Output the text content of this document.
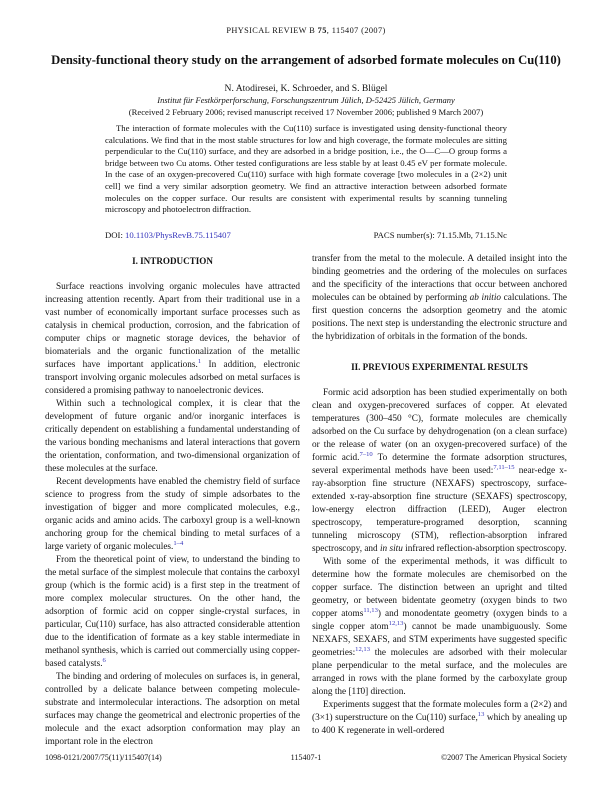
PHYSICAL REVIEW B 75, 115407 (2007)
Density-functional theory study on the arrangement of adsorbed formate molecules on Cu(110)
N. Atodiresei, K. Schroeder, and S. Blügel
Institut für Festkörperforschung, Forschungszentrum Jülich, D-52425 Jülich, Germany
(Received 2 February 2006; revised manuscript received 17 November 2006; published 9 March 2007)
The interaction of formate molecules with the Cu(110) surface is investigated using density-functional theory calculations. We find that in the most stable structures for low and high coverage, the formate molecules are sitting perpendicular to the Cu(110) surface, and they are adsorbed in a bridge position, i.e., the O—C—O group forms a bridge between two Cu atoms. Other tested configurations are less stable by at least 0.45 eV per formate molecule. In the case of an oxygen-precovered Cu(110) surface with high formate coverage [two molecules in a (2×2) unit cell] we find a very similar adsorption geometry. We find an attractive interaction between adsorbed formate molecules on the copper surface. Our results are consistent with experimental results by scanning tunneling microscopy and photoelectron diffraction.
DOI: 10.1103/PhysRevB.75.115407	PACS number(s): 71.15.Mb, 71.15.Nc
I. INTRODUCTION

Surface reactions involving organic molecules have attracted increasing attention recently. Apart from their traditional use in a vast number of economically important surface processes such as catalysis in chemical production, corrosion, and the fabrication of computer chips or magnetic storage devices, the behavior of biomaterials and the organic functionalization of the metallic surfaces have important applications.$^1$ In addition, electronic transport involving organic molecules adsorbed on metal surfaces is considered a promising pathway to nanoelectronic devices.

Within such a technological complex, it is clear that the development of future organic and/or inorganic interfaces is critically dependent on establishing a fundamental understanding of the various bonding mechanisms and lateral interactions that govern the orientation, conformation, and two-dimensional organization of these molecules at the surface.

Recent developments have enabled the chemistry field of surface science to progress from the study of simple adsorbates to the investigation of bigger and more complicated molecules, e.g., organic acids and amino acids. The carboxyl group is a well-known anchoring group for the chemical binding to metal surfaces of a large variety of organic molecules.$^{1-4}$

From the theoretical point of view, to understand the binding to the metal surface of the simplest molecule that contains the carboxyl group (which is the formic acid) is a first step in the treatment of more complex molecular structures. On the other hand, the adsorption of formic acid on copper single-crystal surfaces, in particular, Cu(110) surface, has also attracted considerable attention due to the identification of formate as a key stable intermediate in methanol synthesis, which is carried out commercially using copper-based catalysts.$^6$

The binding and ordering of molecules on surfaces is, in general, controlled by a delicate balance between competing molecule-substrate and intermolecular interactions. The adsorption on metal surfaces may change the geometrical and electronic properties of the molecule and the exact adsorption conformation may play an important role in the electron

transfer from the metal to the molecule. A detailed insight into the binding geometries and the ordering of the molecules on surfaces and the specificity of the interactions that occur between anchored molecules can be obtained by performing ab initio calculations. The first question concerns the adsorption geometry and the atomic positions. The next step is understanding the electronic structure and the hybridization of orbitals in the formation of the bonds.

II. PREVIOUS EXPERIMENTAL RESULTS

Formic acid adsorption has been studied experimentally on both clean and oxygen-precovered surfaces of copper. At elevated temperatures (300–450 °C), formate molecules are chemically adsorbed on the Cu surface by dehydrogenation (on a clean surface) or the release of water (on an oxygen-precovered surface) of the formic acid.$^{7-10}$ To determine the formate adsorption structures, several experimental methods have been used:$^{7,11-15}$ near-edge x-ray-absorption fine structure (NEXAFS) spectroscopy, surface-extended x-ray-absorption fine structure (SEXAFS) spectroscopy, low-energy electron diffraction (LEED), Auger electron spectroscopy, temperature-programed desorption, scanning tunneling microscopy (STM), reflection-absorption infrared spectroscopy, and in situ infrared reflection-absorption spectroscopy.

With some of the experimental methods, it was difficult to determine how the formate molecules are chemisorbed on the copper surface. The distinction between an upright and tilted geometry, or between bidentate geometry (oxygen binds to two copper atoms$^{11,13}$) and monodentate geometry (oxygen binds to a single copper atom$^{12,13}$) cannot be made unambiguously. Some NEXAFS, SEXAFS, and STM experiments have suggested specific geometries:$^{12,13}$ the molecules are adsorbed with their molecular plane perpendicular to the metal surface, and the molecules are arranged in rows with the plane formed by the carboxylate group along the [11̄0] direction.

Experiments suggest that the formate molecules form a (2×2) and (3×1) superstructure on the Cu(110) surface,$^{13}$ which by anealing up to 400 K regenerate in well-ordered

1098-0121/2007/75(11)/115407(14)	115407-1	©2007 The American Physical Society
